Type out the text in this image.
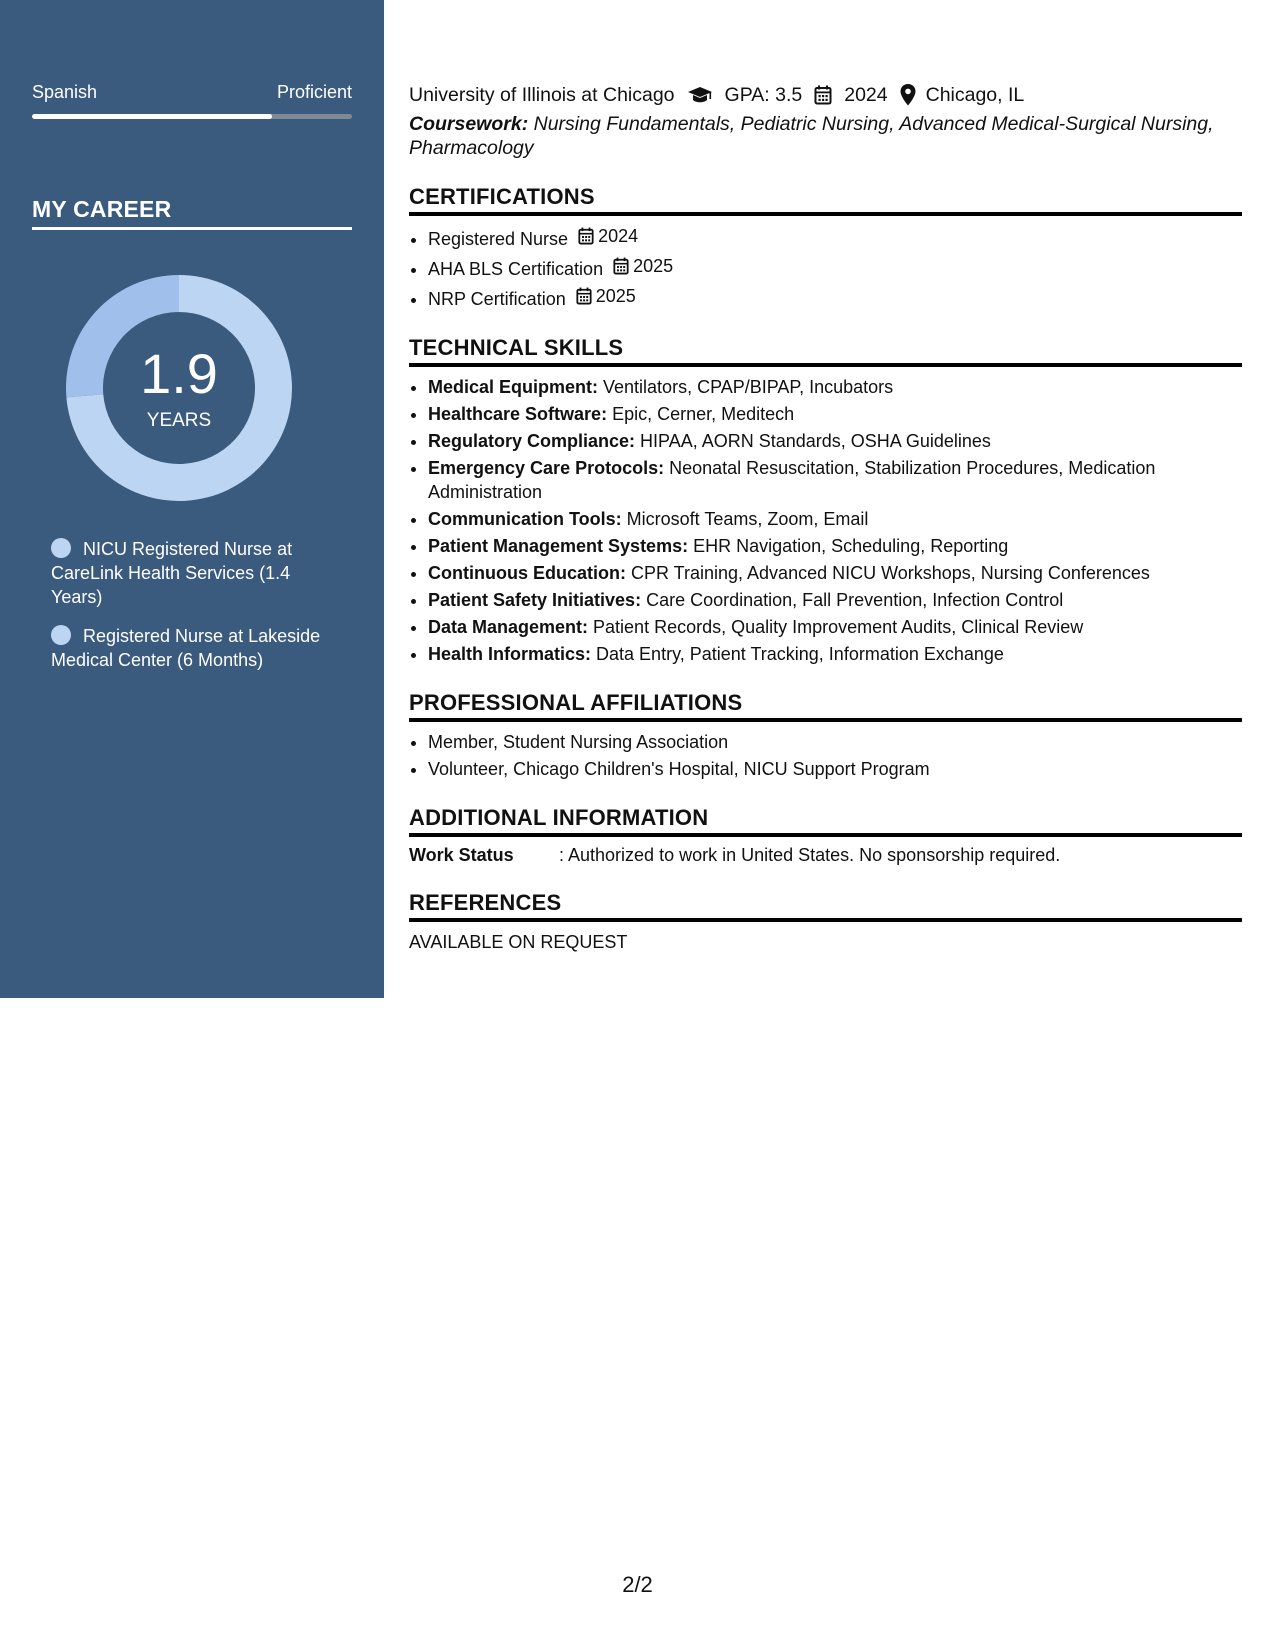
Spanish	Proficient
MY CAREER
1.9
YEARS
NICU Registered Nurse at CareLink Health Services (1.4 Years)
Registered Nurse at Lakeside Medical Center (6 Months)
University of Illinois at Chicago	GPA: 3.5 2024 Chicago, IL
Coursework: Nursing Fundamentals, Pediatric Nursing, Advanced Medical-Surgical Nursing, Pharmacology
CERTIFICATIONS
• Registered Nurse 2024
• AHA BLS Certification 2025
• NRP Certification 2025
TECHNICAL SKILLS
• Medical Equipment: Ventilators, CPAP/BIPAP, Incubators
• Healthcare Software: Epic, Cerner, Meditech
• Regulatory Compliance: HIPAA, AORN Standards, OSHA Guidelines
• Emergency Care Protocols: Neonatal Resuscitation, Stabilization Procedures, Medication Administration
• Communication Tools: Microsoft Teams, Zoom, Email
• Patient Management Systems: EHR Navigation, Scheduling, Reporting
• Continuous Education: CPR Training, Advanced NICU Workshops, Nursing Conferences
• Patient Safety Initiatives: Care Coordination, Fall Prevention, Infection Control
• Data Management: Patient Records, Quality Improvement Audits, Clinical Review
• Health Informatics: Data Entry, Patient Tracking, Information Exchange
PROFESSIONAL AFFILIATIONS
• Member, Student Nursing Association
• Volunteer, Chicago Children's Hospital, NICU Support Program
ADDITIONAL INFORMATION
Work Status	: Authorized to work in United States. No sponsorship required.
REFERENCES
AVAILABLE ON REQUEST
2/2
